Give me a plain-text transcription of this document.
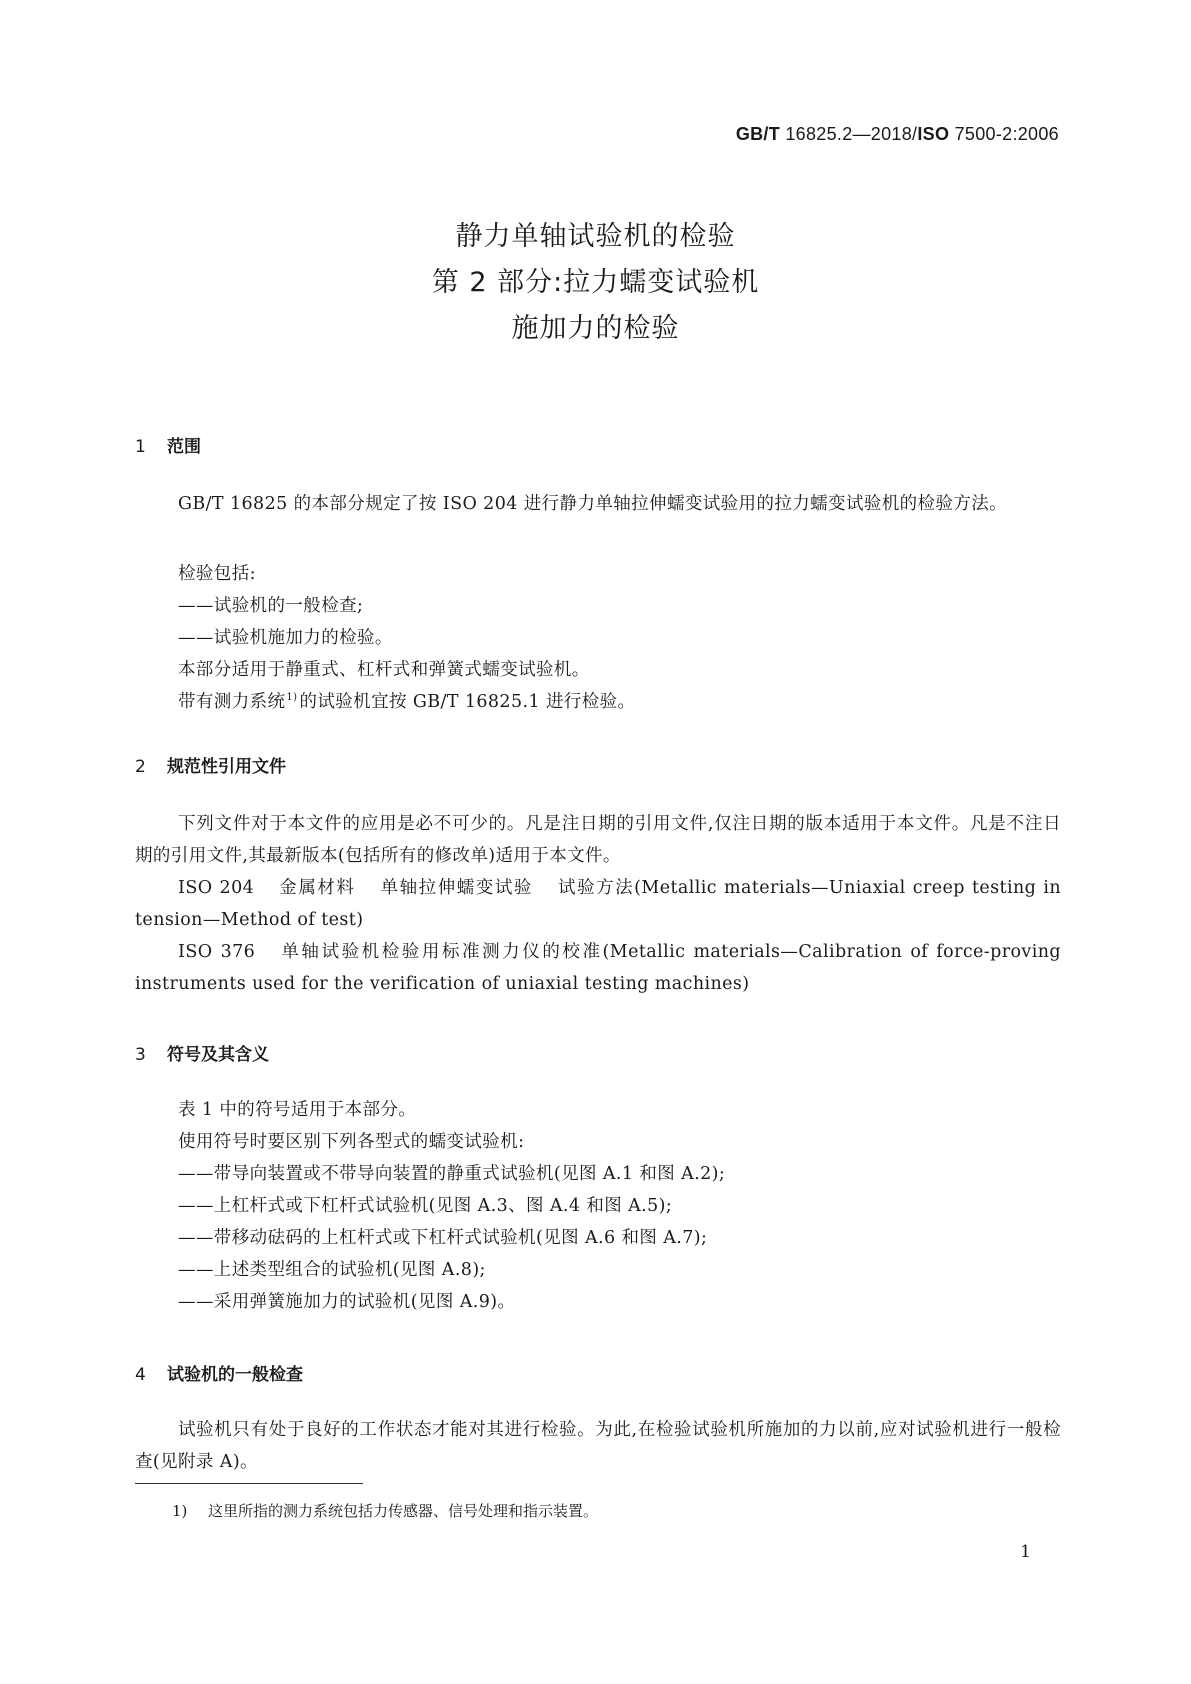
GB/T 16825.2—2018/ISO 7500-2:2006
静力单轴试验机的检验
第 2 部分:拉力蠕变试验机
施加力的检验
1 范围
GB/T 16825 的本部分规定了按 ISO 204 进行静力单轴拉伸蠕变试验用的拉力蠕变试验机的检验方法。
检验包括:
——试验机的一般检查;
——试验机施加力的检验。
本部分适用于静重式、杠杆式和弹簧式蠕变试验机。
带有测力系统$^{1)}$ 的试验机宜按 GB/T 16825.1 进行检验。
2 规范性引用文件
下列文件对于本文件的应用是必不可少的。凡是注日期的引用文件,仅注日期的版本适用于本文件。凡是不注日期的引用文件,其最新版本(包括所有的修改单)适用于本文件。
ISO 204 金属材料 单轴拉伸蠕变试验 试验方法(Metallic materials—Uniaxial creep testing in tension—Method of test)
ISO 376 单轴试验机检验用标准测力仪的校准(Metallic materials—Calibration of force-proving instruments used for the verification of uniaxial testing machines)
3 符号及其含义
表 1 中的符号适用于本部分。
使用符号时要区别下列各型式的蠕变试验机:
——带导向装置或不带导向装置的静重式试验机(见图 A.1 和图 A.2);
——上杠杆式或下杠杆式试验机(见图 A.3、图 A.4 和图 A.5);
——带移动砝码的上杠杆式或下杠杆式试验机(见图 A.6 和图 A.7);
——上述类型组合的试验机(见图 A.8);
——采用弹簧施加力的试验机(见图 A.9)。
4 试验机的一般检查
试验机只有处于良好的工作状态才能对其进行检验。为此,在检验试验机所施加的力以前,应对试验机进行一般检查(见附录 A)。
1) 这里所指的测力系统包括力传感器、信号处理和指示装置。
1
